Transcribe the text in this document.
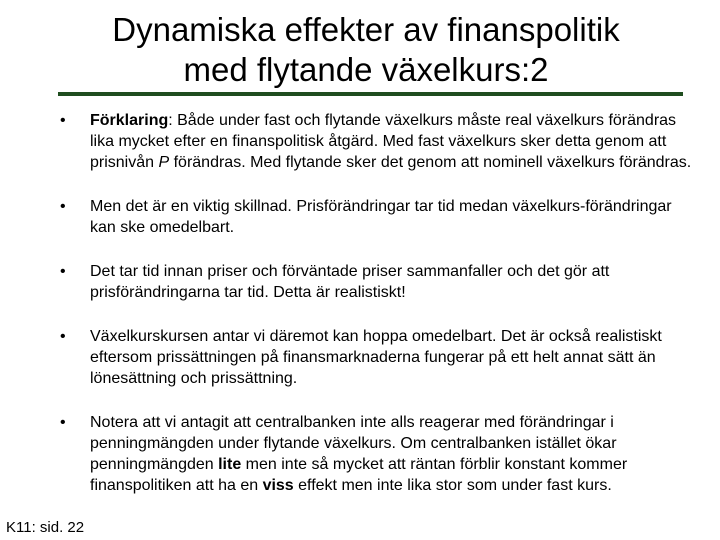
Dynamiska effekter av finanspolitik
med flytande växelkurs:2
• Förklaring: Både under fast och flytande växelkurs måste real växelkurs förändras lika mycket efter en finanspolitisk åtgärd. Med fast växelkurs sker detta genom att prisnivån P förändras. Med flytande sker det genom att nominell växelkurs förändras.
• Men det är en viktig skillnad. Prisförändringar tar tid medan växelkurs-förändringar kan ske omedelbart.
• Det tar tid innan priser och förväntade priser sammanfaller och det gör att prisförändringarna tar tid. Detta är realistiskt!
• Växelkurskursen antar vi däremot kan hoppa omedelbart. Det är också realistiskt eftersom prissättningen på finansmarknaderna fungerar på ett helt annat sätt än lönesättning och prissättning.
• Notera att vi antagit att centralbanken inte alls reagerar med förändringar i penningmängden under flytande växelkurs. Om centralbanken istället ökar penningmängden lite men inte så mycket att räntan förblir konstant kommer finanspolitiken att ha en viss effekt men inte lika stor som under fast kurs.
K11: sid. 22
